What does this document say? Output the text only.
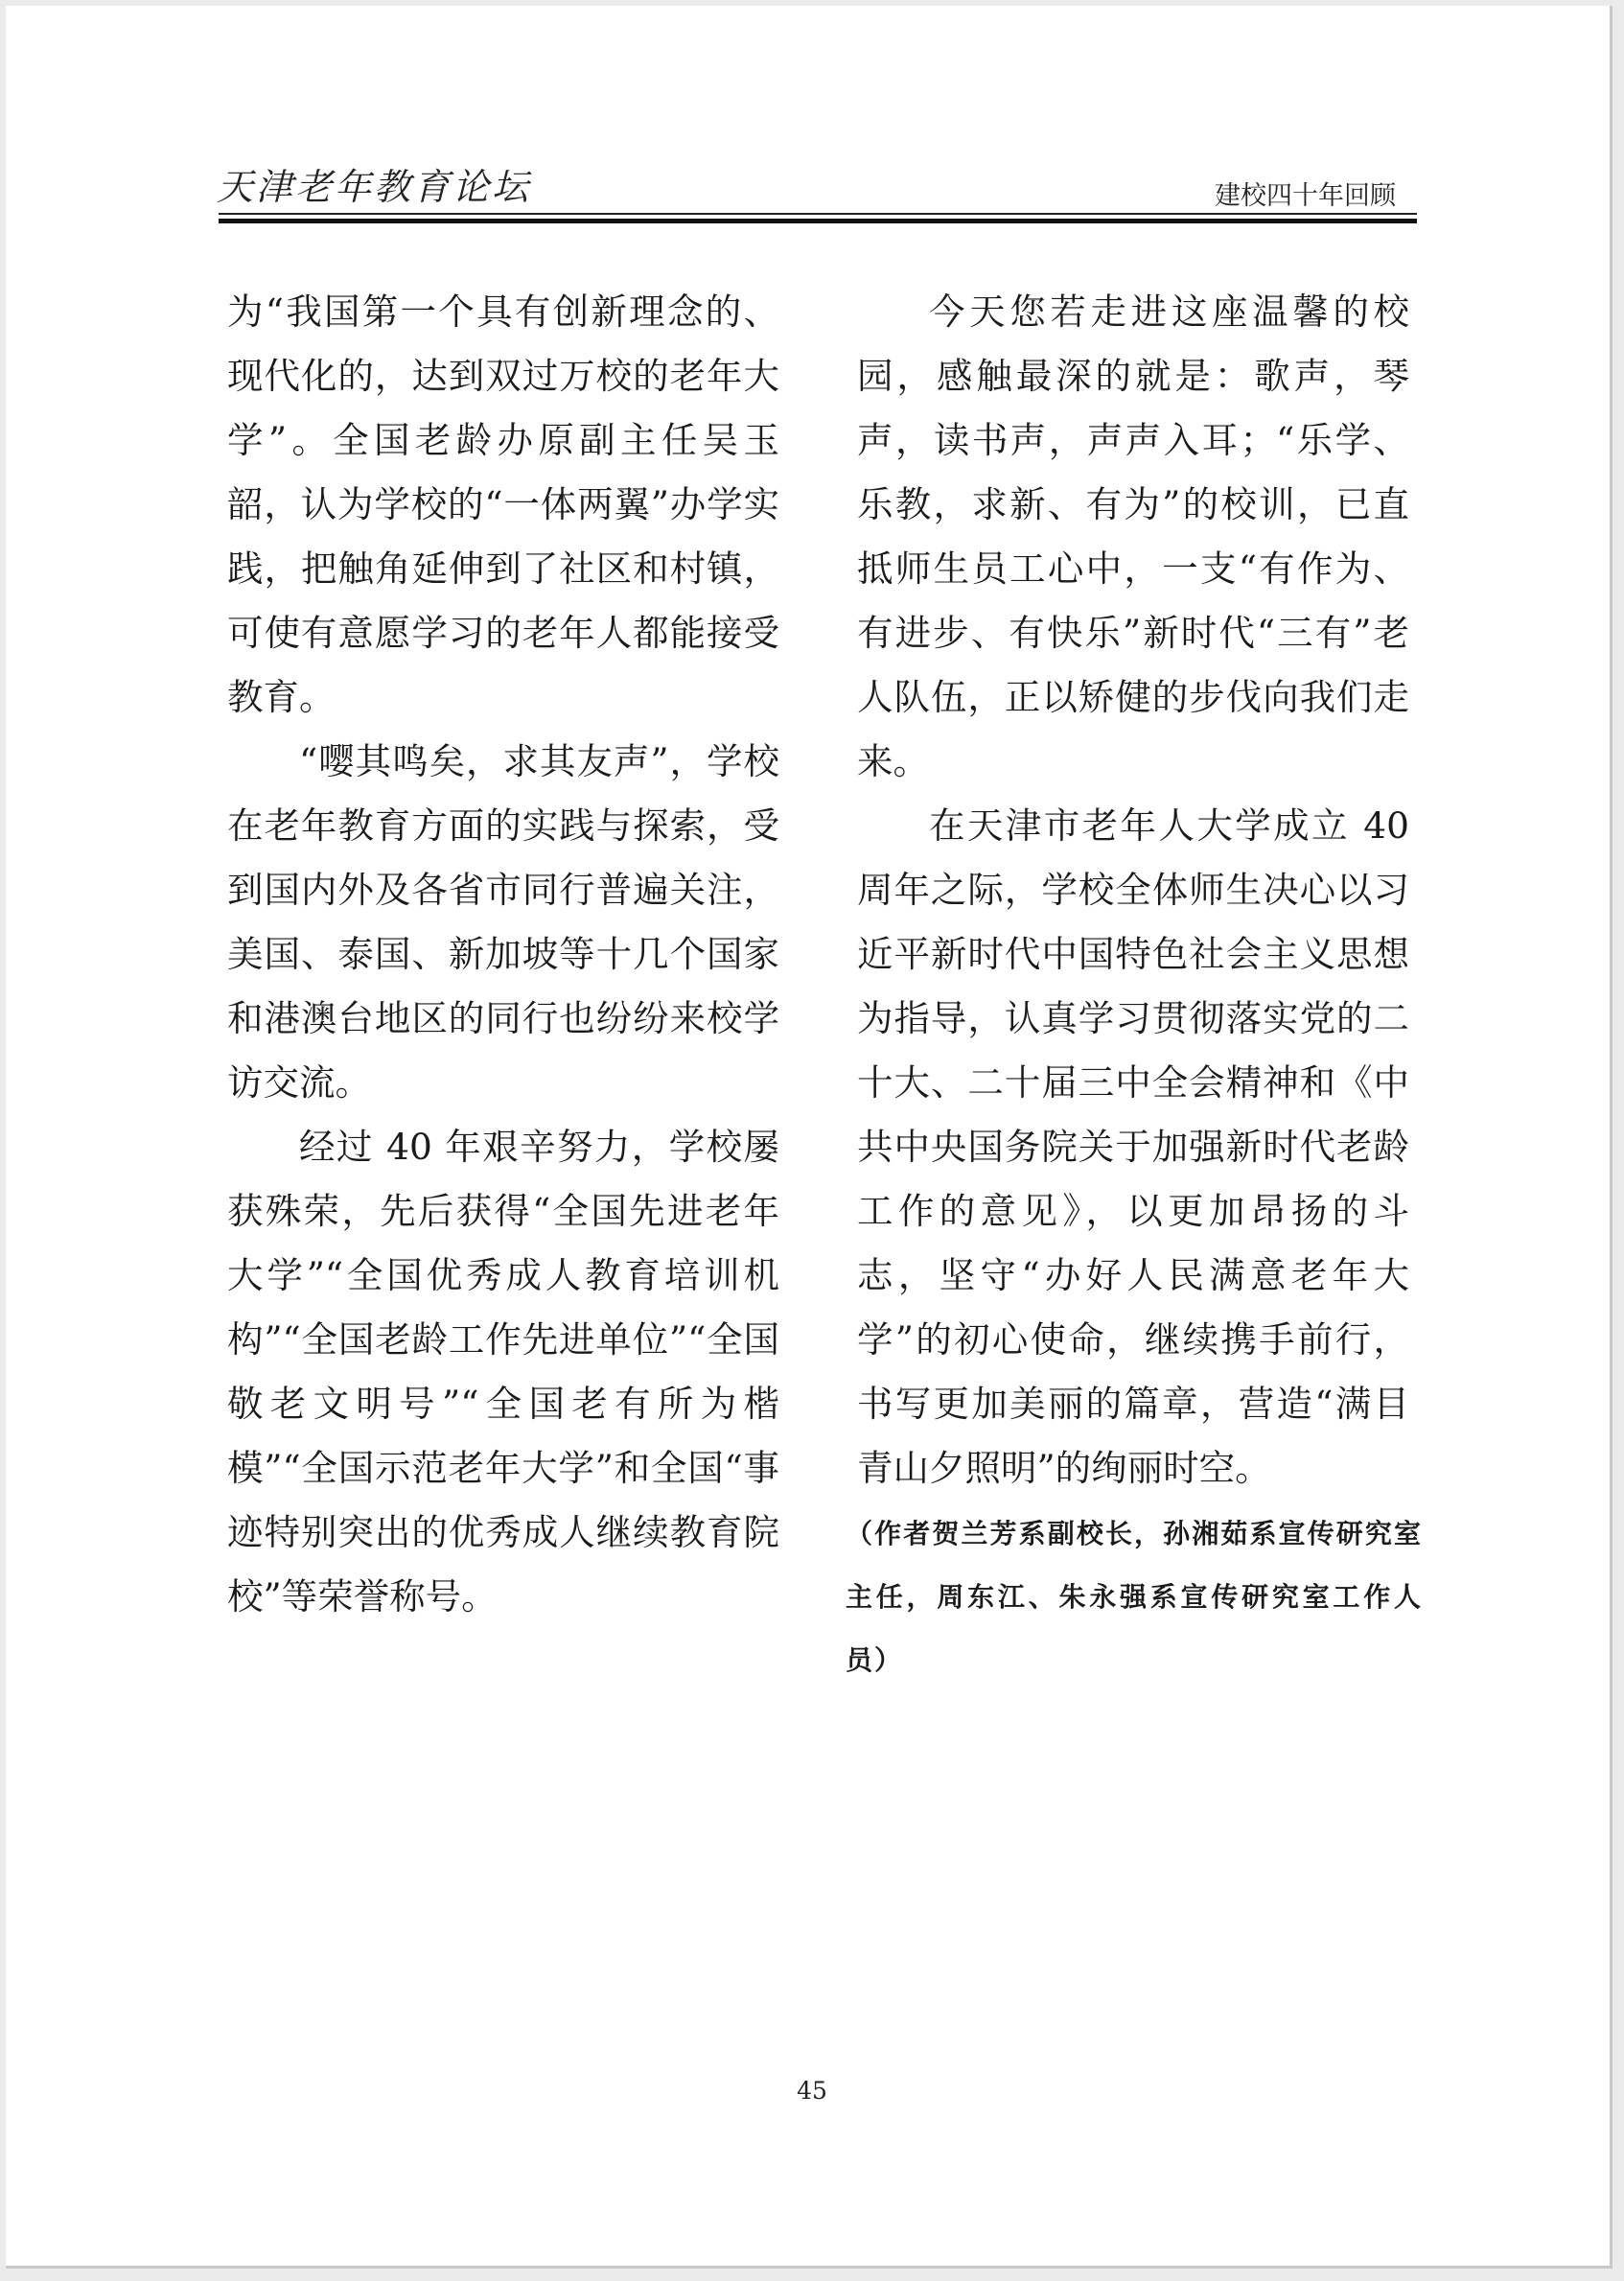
天津老年教育论坛	建校四十年回顾

为“我国第一个具有创新理念的、现代化的，达到双过万校的老年大学”。全国老龄办原副主任吴玉韶，认为学校的“一体两翼”办学实践，把触角延伸到了社区和村镇，可使有意愿学习的老年人都能接受教育。

“嘤其鸣矣，求其友声”，学校在老年教育方面的实践与探索，受到国内外及各省市同行普遍关注，美国、泰国、新加坡等十几个国家和港澳台地区的同行也纷纷来校学访交流。

经过 40 年艰辛努力，学校屡获殊荣，先后获得“全国先进老年大学”“全国优秀成人教育培训机构”“全国老龄工作先进单位”“全国敬老文明号”“全国老有所为楷模”“全国示范老年大学”和全国“事迹特别突出的优秀成人继续教育院校”等荣誉称号。

今天您若走进这座温馨的校园，感触最深的就是：歌声，琴声，读书声，声声入耳；“乐学、乐教，求新、有为”的校训，已直抵师生员工心中，一支“有作为、有进步、有快乐”新时代“三有”老人队伍，正以矫健的步伐向我们走来。

在天津市老年人大学成立 40 周年之际，学校全体师生决心以习近平新时代中国特色社会主义思想为指导，认真学习贯彻落实党的二十大、二十届三中全会精神和《中共中央国务院关于加强新时代老龄工作的意见》，以更加昂扬的斗志，坚守“办好人民满意老年大学”的初心使命，继续携手前行，书写更加美丽的篇章，营造“满目青山夕照明”的绚丽时空。

（作者贺兰芳系副校长，孙湘茹系宣传研究室主任，周东江、朱永强系宣传研究室工作人员）
45
